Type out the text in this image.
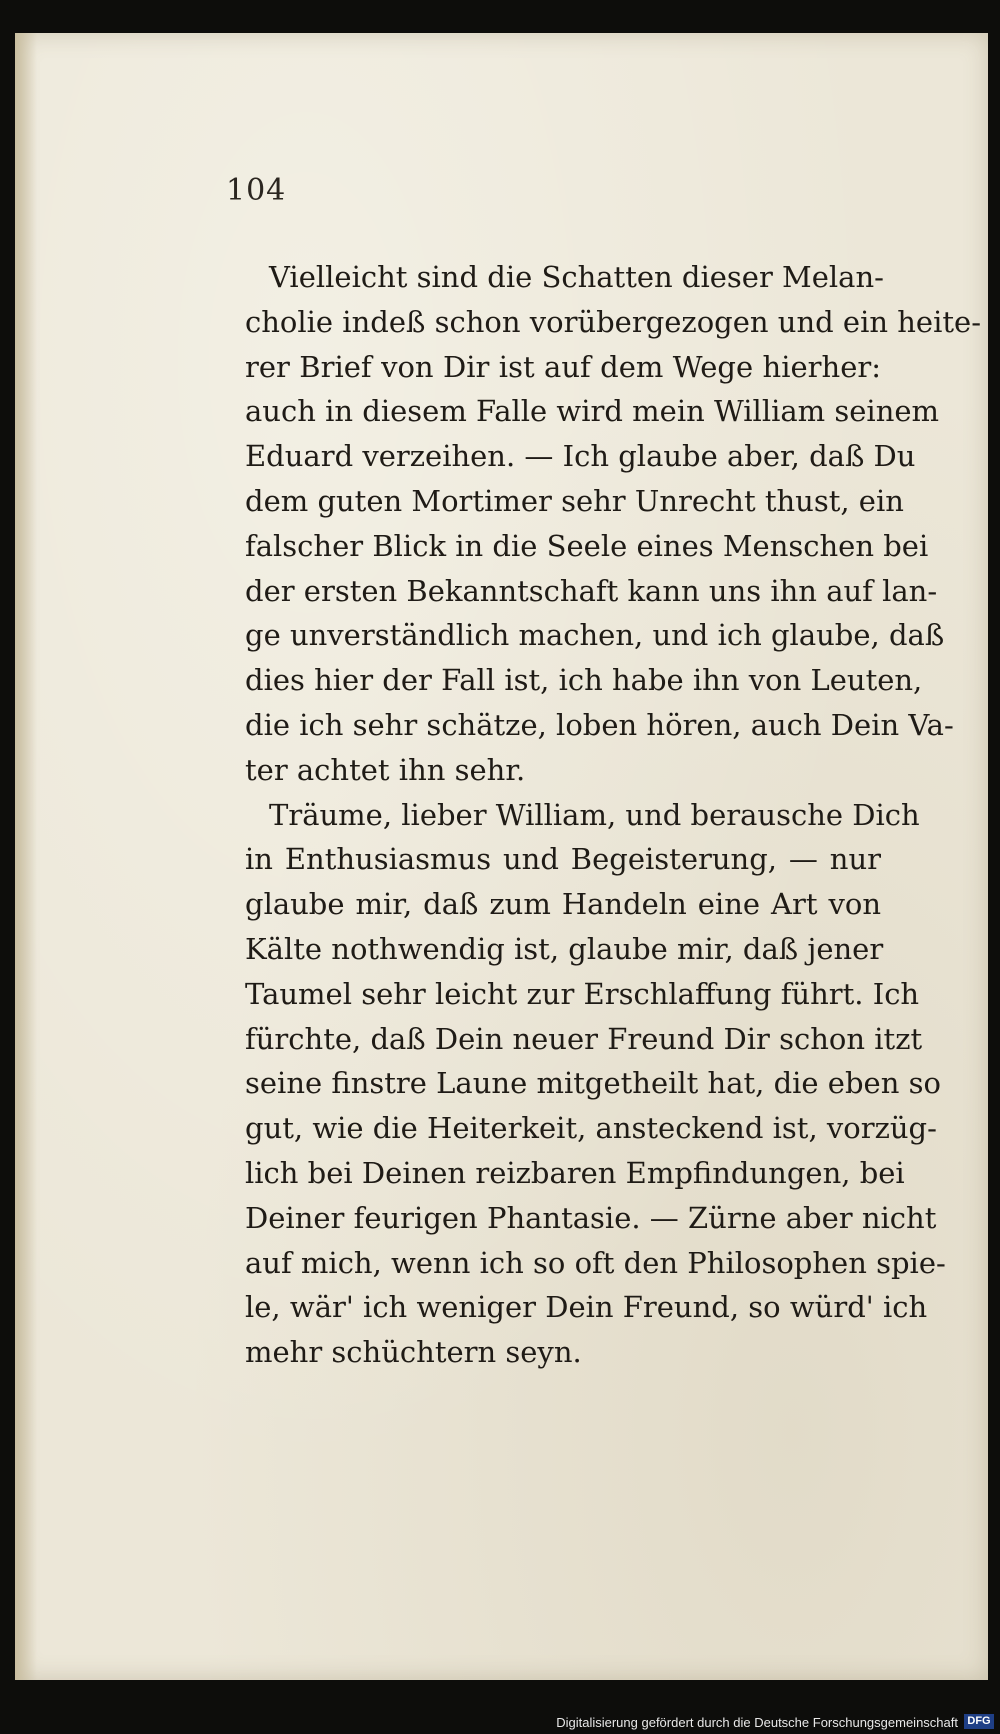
104
Vielleicht sind die Schatten dieser Melan-
cholie indeß schon vorübergezogen und ein heite-
rer Brief von Dir ist auf dem Wege hierher:
auch in diesem Falle wird mein William seinem
Eduard verzeihen. — Ich glaube aber, daß Du
dem guten Mortimer sehr Unrecht thust, ein
falscher Blick in die Seele eines Menschen bei
der ersten Bekanntschaft kann uns ihn auf lan-
ge unverständlich machen, und ich glaube, daß
dies hier der Fall ist, ich habe ihn von Leuten,
die ich sehr schätze, loben hören, auch Dein Va-
ter achtet ihn sehr.
Träume, lieber William, und berausche Dich
in Enthusiasmus und Begeisterung, — nur
glaube mir, daß zum Handeln eine Art von
Kälte nothwendig ist, glaube mir, daß jener
Taumel sehr leicht zur Erschlaffung führt. Ich
fürchte, daß Dein neuer Freund Dir schon itzt
seine finstre Laune mitgetheilt hat, die eben so
gut, wie die Heiterkeit, ansteckend ist, vorzüg-
lich bei Deinen reizbaren Empfindungen, bei
Deiner feurigen Phantasie. — Zürne aber nicht
auf mich, wenn ich so oft den Philosophen spie-
le, wär' ich weniger Dein Freund, so würd' ich
mehr schüchtern seyn.
Digitalisierung gefördert durch die Deutsche Forschungsgemeinschaft DFG
